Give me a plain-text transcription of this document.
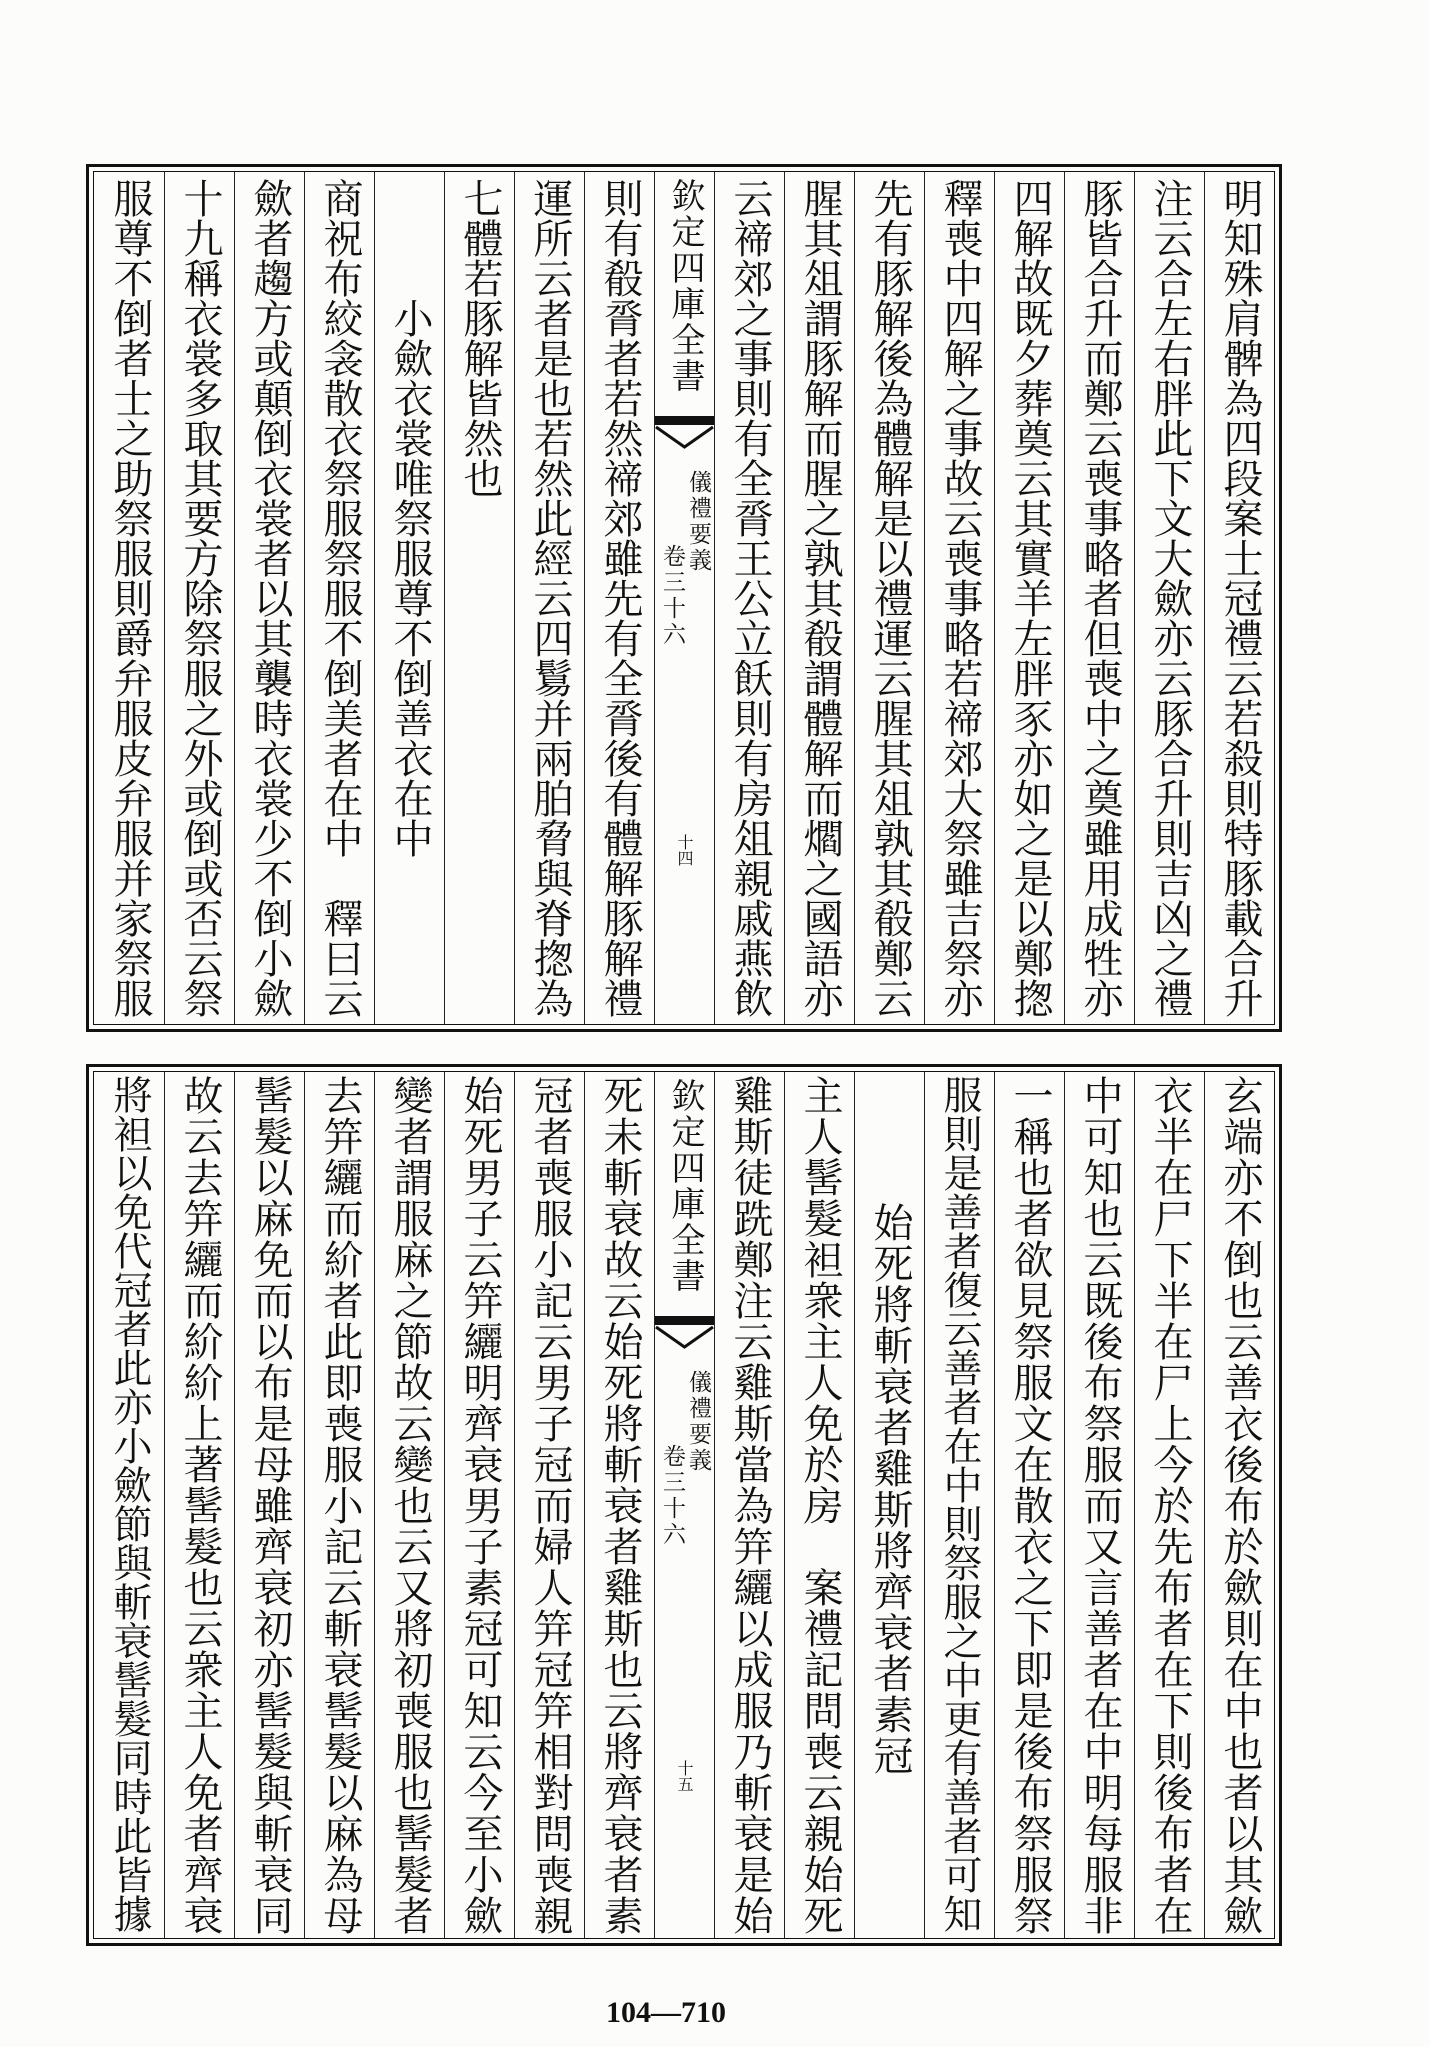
明知殊肩髀為四段案士冠禮云若殺則特豚載合升
注云合左右胖此下文大歛亦云豚合升則吉凶之禮
豚皆合升而鄭云喪事略者但喪中之奠雖用成牲亦
四解故既夕葬奠云其實羊左胖豕亦如之是以鄭揔
釋喪中四解之事故云喪事略若禘郊大祭雖吉祭亦
先有豚解後為體解是以禮運云腥其俎孰其殽鄭云
腥其俎謂豚解而腥之孰其殽謂體解而爓之國語亦
云禘郊之事則有全脀王公立飫則有房俎親戚燕飲
欽定四庫全書
儀禮要義
卷三十六
十四
則有殽脀者若然禘郊雖先有全脀後有體解豚解禮
運所云者是也若然此經云四鬄并兩胉脅與脊揔為
七體若豚解皆然也
小歛衣裳唯祭服尊不倒善衣在中
商祝布絞衾散衣祭服祭服不倒美者在中　釋曰云
歛者趨方或顛倒衣裳者以其襲時衣裳少不倒小歛
十九稱衣裳多取其要方除祭服之外或倒或否云祭
服尊不倒者士之助祭服則爵弁服皮弁服并家祭服
玄端亦不倒也云善衣後布於歛則在中也者以其歛
衣半在尸下半在尸上今於先布者在下則後布者在
中可知也云既後布祭服而又言善者在中明每服非
一稱也者欲見祭服文在散衣之下即是後布祭服祭
服則是善者復云善者在中則祭服之中更有善者可知
始死將斬衰者雞斯將齊衰者素冠
主人髺髮袒衆主人免於房　案禮記問喪云親始死
雞斯徒跣鄭注云雞斯當為笄纚以成服乃斬衰是始
欽定四庫全書
儀禮要義
卷三十六
十五
死未斬衰故云始死將斬衰者雞斯也云將齊衰者素
冠者喪服小記云男子冠而婦人笄冠笄相對問喪親
始死男子云笄纚明齊衰男子素冠可知云今至小歛
變者謂服麻之節故云變也云又將初喪服也髺髮者
去笄纚而紒者此即喪服小記云斬衰髺髮以麻為母
髺髮以麻免而以布是母雖齊衰初亦髺髮與斬衰同
故云去笄纚而紒紒上著髺髮也云衆主人免者齊衰
將袒以免代冠者此亦小歛節與斬衰髺髮同時此皆據
104—710
